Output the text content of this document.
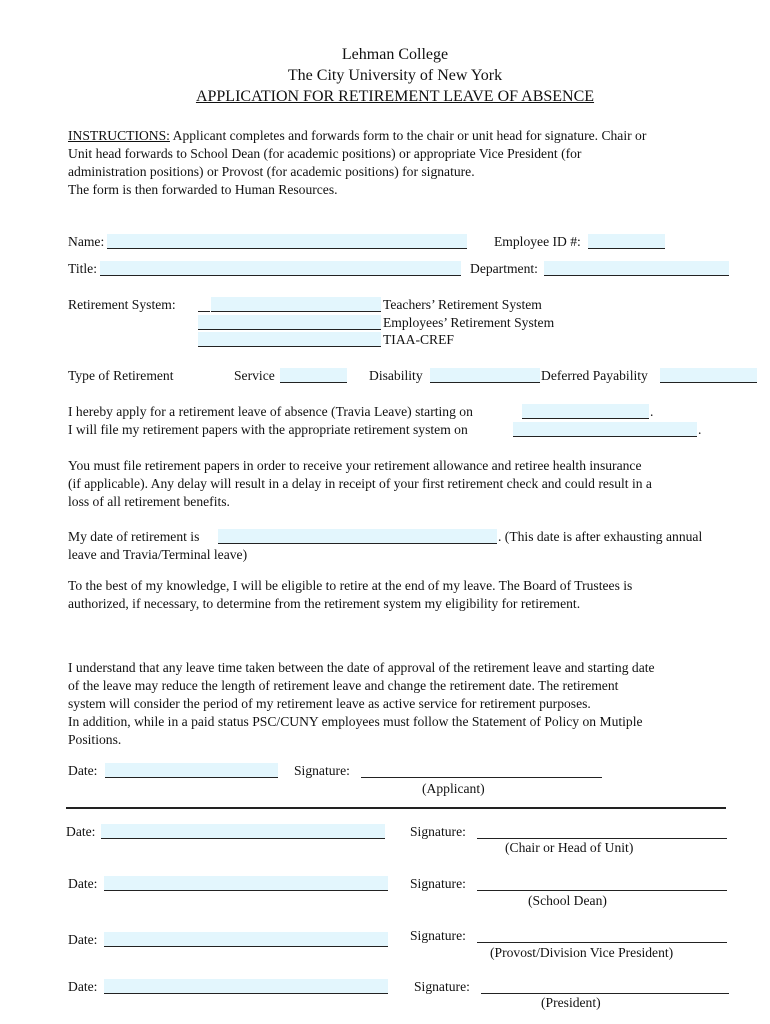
Lehman College
The City University of New York
APPLICATION FOR RETIREMENT LEAVE OF ABSENCE
INSTRUCTIONS: Applicant completes and forwards form to the chair or unit head for signature. Chair or
Unit head forwards to School Dean (for academic positions) or appropriate Vice President (for
administration positions) or Provost (for academic positions) for signature.
The form is then forwarded to Human Resources.
Name:	Employee ID #:
Title:	Department:
Retirement System:	Teachers’ Retirement System
Employees’ Retirement System
TIAA-CREF
Type of Retirement	Service	Disability	Deferred Payability
I hereby apply for a retirement leave of absence (Travia Leave) starting on	.
I will file my retirement papers with the appropriate retirement system on	.
You must file retirement papers in order to receive your retirement allowance and retiree health insurance
(if applicable). Any delay will result in a delay in receipt of your first retirement check and could result in a
loss of all retirement benefits.
My date of retirement is	. (This date is after exhausting annual
leave and Travia/Terminal leave)
To the best of my knowledge, I will be eligible to retire at the end of my leave. The Board of Trustees is
authorized, if necessary, to determine from the retirement system my eligibility for retirement.
I understand that any leave time taken between the date of approval of the retirement leave and starting date
of the leave may reduce the length of retirement leave and change the retirement date. The retirement
system will consider the period of my retirement leave as active service for retirement purposes.
In addition, while in a paid status PSC/CUNY employees must follow the Statement of Policy on Mutiple
Positions.
Date:	Signature:
(Applicant)
Date:	Signature:
(Chair or Head of Unit)
Date:	Signature:
(School Dean)
Date:	Signature:
(Provost/Division Vice President)
Date:	Signature:
(President)
